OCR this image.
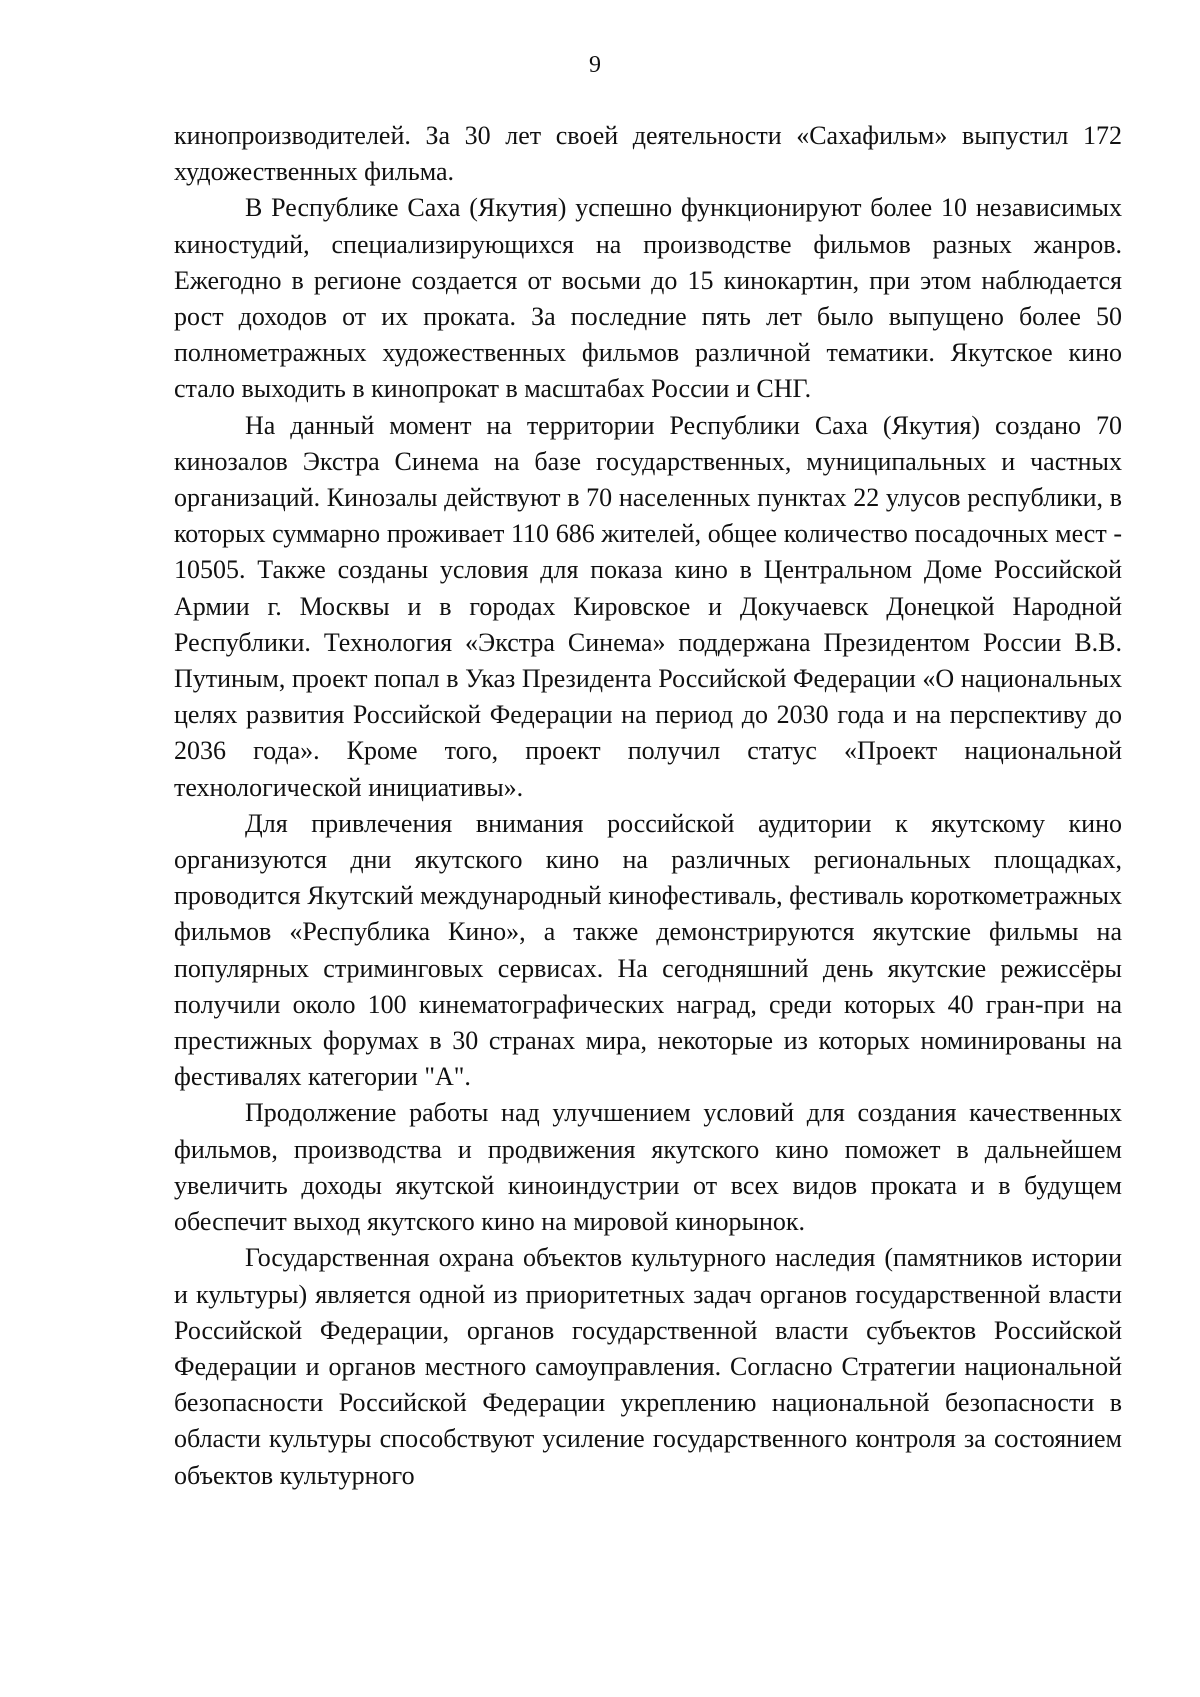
9

кинопроизводителей. За 30 лет своей деятельности «Сахафильм» выпустил 172 художественных фильма.

В Республике Саха (Якутия) успешно функционируют более 10 независимых киностудий, специализирующихся на производстве фильмов разных жанров. Ежегодно в регионе создается от восьми до 15 кинокартин, при этом наблюдается рост доходов от их проката. За последние пять лет было выпущено более 50 полнометражных художественных фильмов различной тематики. Якутское кино стало выходить в кинопрокат в масштабах России и СНГ.

На данный момент на территории Республики Саха (Якутия) создано 70 кинозалов Экстра Синема на базе государственных, муниципальных и частных организаций. Кинозалы действуют в 70 населенных пунктах 22 улусов республики, в которых суммарно проживает 110 686 жителей, общее количество посадочных мест - 10505. Также созданы условия для показа кино в Центральном Доме Российской Армии г. Москвы и в городах Кировское и Докучаевск Донецкой Народной Республики. Технология «Экстра Синема» поддержана Президентом России В.В. Путиным, проект попал в Указ Президента Российской Федерации «О национальных целях развития Российской Федерации на период до 2030 года и на перспективу до 2036 года». Кроме того, проект получил статус «Проект национальной технологической инициативы».

Для привлечения внимания российской аудитории к якутскому кино организуются дни якутского кино на различных региональных площадках, проводится Якутский международный кинофестиваль, фестиваль короткометражных фильмов «Республика Кино», а также демонстрируются якутские фильмы на популярных стриминговых сервисах. На сегодняшний день якутские режиссёры получили около 100 кинематографических наград, среди которых 40 гран-при на престижных форумах в 30 странах мира, некоторые из которых номинированы на фестивалях категории "А".

Продолжение работы над улучшением условий для создания качественных фильмов, производства и продвижения якутского кино поможет в дальнейшем увеличить доходы якутской киноиндустрии от всех видов проката и в будущем обеспечит выход якутского кино на мировой кинорынок.

Государственная охрана объектов культурного наследия (памятников истории и культуры) является одной из приоритетных задач органов государственной власти Российской Федерации, органов государственной власти субъектов Российской Федерации и органов местного самоуправления. Согласно Стратегии национальной безопасности Российской Федерации укреплению национальной безопасности в области культуры способствуют усиление государственного контроля за состоянием объектов культурного
